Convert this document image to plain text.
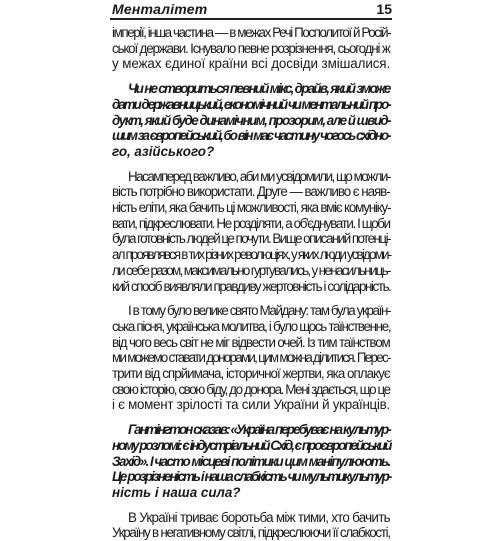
Менталітет	15
імперії, інша частина — в межах Речі Посполитої й Росій-
ської держави. Існувало певне розрізнення, сьогодні ж
у межах єдиної країни всі досвіди змішалися.
Чи не створиться певний мікс, драйв, який зможе
дати державницький, економічний чи ментальний про-
дукт, який буде динамічним, прозорим, але й швид-
шим за європейський, бо він має частину чогось східно-
го, азійського?
Насамперед важливо, аби ми усвідомили, що можли-
вість потрібно використати. Друге — важливо є наяв-
ність еліти, яка бачить ці можливості, яка вміє комуніку-
вати, підкреслювати. Не розділяти, а об'єднувати. І щоби
була готовність людей це почути. Вище описаний потенці-
ал проявлявся в тих різних революціях, у яких люди усвідоми-
ли себе разом, максимально гуртувались, у ненасильниць-
кий спосіб виявляли правдиву жертовність і солідарність.
І в тому було велике свято Майдану: там була україн-
ська пісня, українська молитва, і було щось таїнственне,
від чого весь світ не міг відвести очей. Із тим таїнством
ми можемо ставати донорами, цим можна ділитися. Перес-
трити від спрйимача, історичної жертви, яка оплакує
свою історію, свою біду, до донора. Мені здається, що це
і є момент зрілості та сили України й українців.
Гантінгтон сказав: «Україна перебуває на культур-
ному розломі: є індустріальний Схід, є проєвропейський
Захід». І часто місцеві політики цим маніпулюють.
Це розрізненість і наша слабкість чи мультикультур-
ність і наша сила?
В Україні триває боротьба між тими, хто бачить
Україну в негативному світлі, підкреслюючи її слабкості,
